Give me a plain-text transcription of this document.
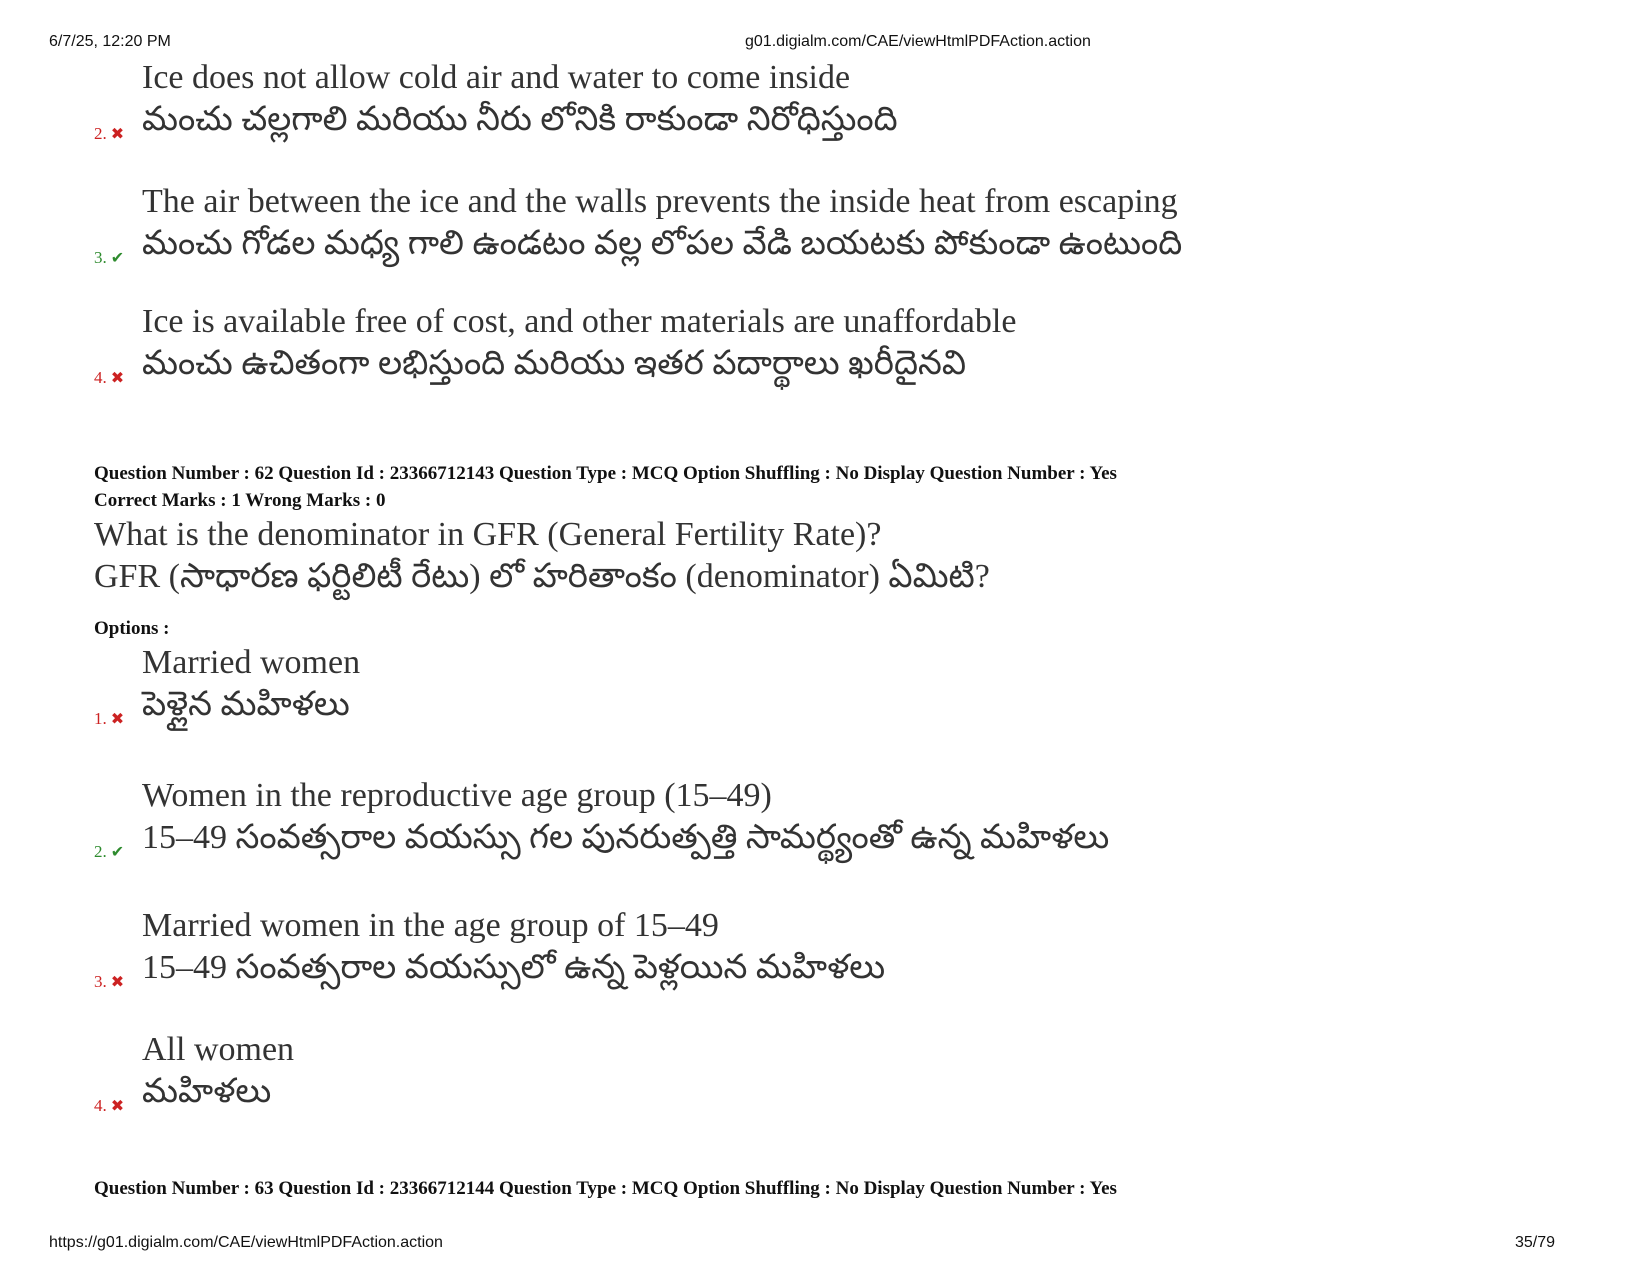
6/7/25, 12:20 PM	g01.digialm.com/CAE/viewHtmlPDFAction.action
Ice does not allow cold air and water to come inside
మంచు చల్లగాలి మరియు నీరు లోనికి రాకుండా నిరోధిస్తుంది
2. ✖
The air between the ice and the walls prevents the inside heat from escaping
మంచు గోడల మధ్య గాలి ఉండటం వల్ల లోపల వేడి బయటకు పోకుండా ఉంటుంది
3. ✔
Ice is available free of cost, and other materials are unaffordable
మంచు ఉచితంగా లభిస్తుంది మరియు ఇతర పదార్థాలు ఖరీదైనవి
4. ✖
Question Number : 62 Question Id : 23366712143 Question Type : MCQ Option Shuffling : No Display Question Number : Yes
Correct Marks : 1 Wrong Marks : 0
What is the denominator in GFR (General Fertility Rate)?
GFR (సాధారణ ఫర్టిలిటీ రేటు) లో హరితాంకం (denominator) ఏమిటి?
Options :
Married women
పెళ్లైన మహిళలు
1. ✖
Women in the reproductive age group (15–49)
15–49 సంవత్సరాల వయస్సు గల పునరుత్పత్తి సామర్థ్యంతో ఉన్న మహిళలు
2. ✔
Married women in the age group of 15–49
15–49 సంవత్సరాల వయస్సులో ఉన్న పెళ్లయిన మహిళలు
3. ✖
All women
మహిళలు
4. ✖
Question Number : 63 Question Id : 23366712144 Question Type : MCQ Option Shuffling : No Display Question Number : Yes
https://g01.digialm.com/CAE/viewHtmlPDFAction.action	35/79
